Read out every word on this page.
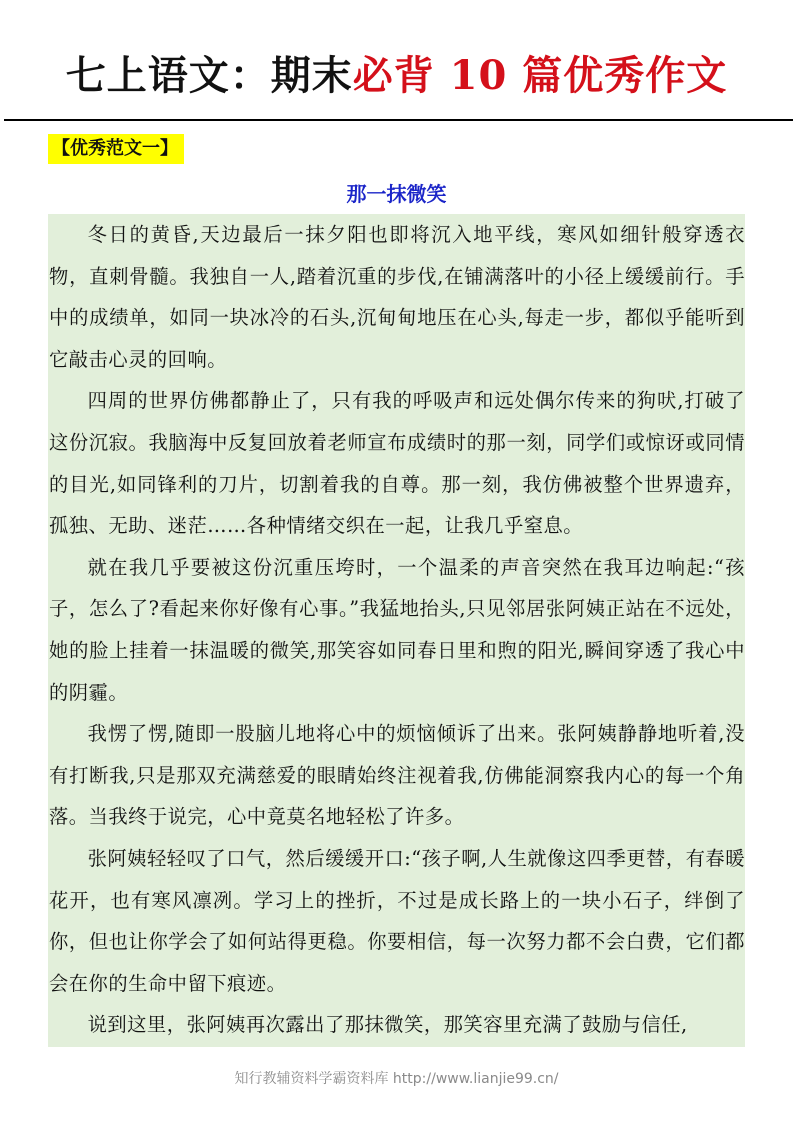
七上语文：期末必背 10 篇优秀作文
【优秀范文一】
那一抹微笑

冬日的黄昏,天边最后一抹夕阳也即将沉入地平线，寒风如细针般穿透衣物，直刺骨髓。我独自一人,踏着沉重的步伐,在铺满落叶的小径上缓缓前行。手中的成绩单，如同一块冰冷的石头,沉甸甸地压在心头,每走一步，都似乎能听到它敲击心灵的回响。

四周的世界仿佛都静止了，只有我的呼吸声和远处偶尔传来的狗吠,打破了这份沉寂。我脑海中反复回放着老师宣布成绩时的那一刻，同学们或惊讶或同情的目光,如同锋利的刀片，切割着我的自尊。那一刻，我仿佛被整个世界遗弃，孤独、无助、迷茫……各种情绪交织在一起，让我几乎窒息。

就在我几乎要被这份沉重压垮时，一个温柔的声音突然在我耳边响起:“孩子，怎么了?看起来你好像有心事。”我猛地抬头,只见邻居张阿姨正站在不远处，她的脸上挂着一抹温暖的微笑,那笑容如同春日里和煦的阳光,瞬间穿透了我心中的阴霾。

我愣了愣,随即一股脑儿地将心中的烦恼倾诉了出来。张阿姨静静地听着,没有打断我,只是那双充满慈爱的眼睛始终注视着我,仿佛能洞察我内心的每一个角落。当我终于说完，心中竟莫名地轻松了许多。

张阿姨轻轻叹了口气，然后缓缓开口:“孩子啊,人生就像这四季更替，有春暖花开，也有寒风凛冽。学习上的挫折，不过是成长路上的一块小石子，绊倒了你，但也让你学会了如何站得更稳。你要相信，每一次努力都不会白费，它们都会在你的生命中留下痕迹。

说到这里，张阿姨再次露出了那抹微笑，那笑容里充满了鼓励与信任,

知行教辅资料学霸资料库 http://www.lianjie99.cn/
